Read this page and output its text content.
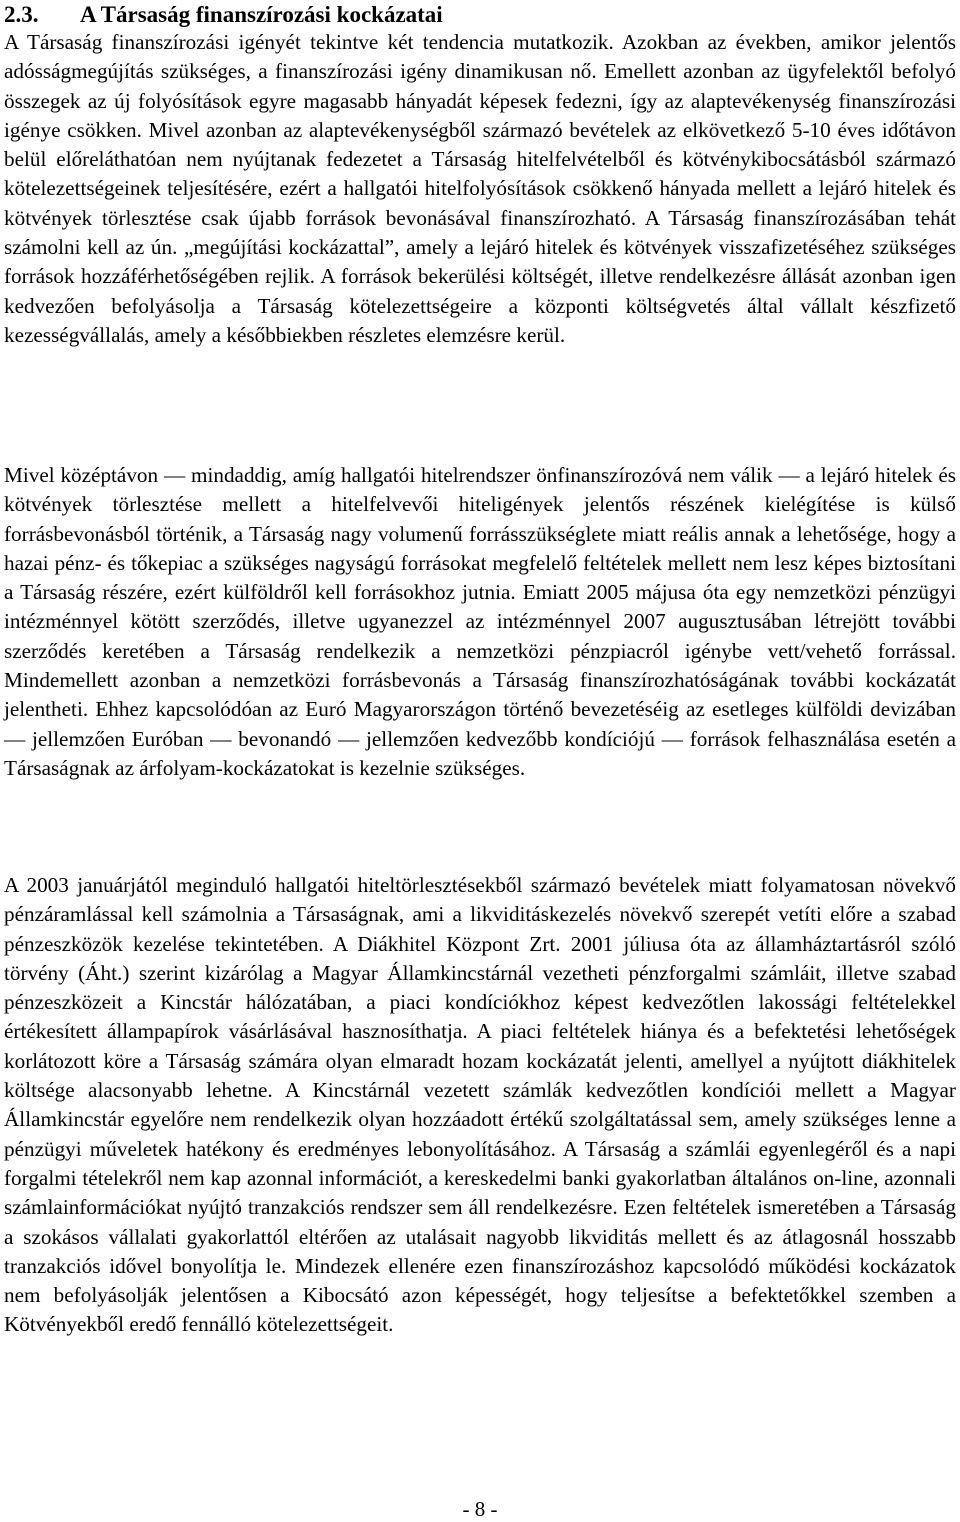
2.3. A Társaság finanszírozási kockázatai

A Társaság finanszírozási igényét tekintve két tendencia mutatkozik. Azokban az években, amikor jelentős adósságmegújítás szükséges, a finanszírozási igény dinamikusan nő. Emellett azonban az ügyfelektől befolyó összegek az új folyósítások egyre magasabb hányadát képesek fedezni, így az alaptevékenység finanszírozási igénye csökken. Mivel azonban az alaptevékenységből származó bevételek az elkövetkező 5-10 éves időtávon belül előreláthatóan nem nyújtanak fedezetet a Társaság hitelfelvételből és kötvénykibocsátásból származó kötelezettségeinek teljesítésére, ezért a hallgatói hitelfolyósítások csökkenő hányada mellett a lejáró hitelek és kötvények törlesztése csak újabb források bevonásával finanszírozható. A Társaság finanszírozásában tehát számolni kell az ún. „megújítási kockázattal”, amely a lejáró hitelek és kötvények visszafizetéséhez szükséges források hozzáférhetőségében rejlik. A források bekerülési költségét, illetve rendelkezésre állását azonban igen kedvezően befolyásolja a Társaság kötelezettségeire a központi költségvetés által vállalt készfizető kezességvállalás, amely a későbbiekben részletes elemzésre kerül.

Mivel középtávon — mindaddig, amíg hallgatói hitelrendszer önfinanszírozóvá nem válik — a lejáró hitelek és kötvények törlesztése mellett a hitelfelvevői hiteligények jelentős részének kielégítése is külső forrásbevonásból történik, a Társaság nagy volumenű forrásszükséglete miatt reális annak a lehetősége, hogy a hazai pénz- és tőkepiac a szükséges nagyságú forrásokat megfelelő feltételek mellett nem lesz képes biztosítani a Társaság részére, ezért külföldről kell forrásokhoz jutnia. Emiatt 2005 májusa óta egy nemzetközi pénzügyi intézménnyel kötött szerződés, illetve ugyanezzel az intézménnyel 2007 augusztusában létrejött további szerződés keretében a Társaság rendelkezik a nemzetközi pénzpiacról igénybe vett/vehető forrással. Mindemellett azonban a nemzetközi forrásbevonás a Társaság finanszírozhatóságának további kockázatát jelentheti. Ehhez kapcsolódóan az Euró Magyarországon történő bevezetéséig az esetleges külföldi devizában — jellemzően Euróban — bevonandó — jellemzően kedvezőbb kondíciójú — források felhasználása esetén a Társaságnak az árfolyam-kockázatokat is kezelnie szükséges.

A 2003 januárjától meginduló hallgatói hiteltörlesztésekből származó bevételek miatt folyamatosan növekvő pénzáramlással kell számolnia a Társaságnak, ami a likviditáskezelés növekvő szerepét vetíti előre a szabad pénzeszközök kezelése tekintetében. A Diákhitel Központ Zrt. 2001 júliusa óta az államháztartásról szóló törvény (Áht.) szerint kizárólag a Magyar Államkincstárnál vezetheti pénzforgalmi számláit, illetve szabad pénzeszközeit a Kincstár hálózatában, a piaci kondíciókhoz képest kedvezőtlen lakossági feltételekkel értékesített állampapírok vásárlásával hasznosíthatja. A piaci feltételek hiánya és a befektetési lehetőségek korlátozott köre a Társaság számára olyan elmaradt hozam kockázatát jelenti, amellyel a nyújtott diákhitelek költsége alacsonyabb lehetne. A Kincstárnál vezetett számlák kedvezőtlen kondíciói mellett a Magyar Államkincstár egyelőre nem rendelkezik olyan hozzáadott értékű szolgáltatással sem, amely szükséges lenne a pénzügyi műveletek hatékony és eredményes lebonyolításához. A Társaság a számlái egyenlegéről és a napi forgalmi tételekről nem kap azonnal információt, a kereskedelmi banki gyakorlatban általános on-line, azonnali számlainformációkat nyújtó tranzakciós rendszer sem áll rendelkezésre. Ezen feltételek ismeretében a Társaság a szokásos vállalati gyakorlattól eltérően az utalásait nagyobb likviditás mellett és az átlagosnál hosszabb tranzakciós idővel bonyolítja le. Mindezek ellenére ezen finanszírozáshoz kapcsolódó működési kockázatok nem befolyásolják jelentősen a Kibocsátó azon képességét, hogy teljesítse a befektetőkkel szemben a Kötvényekből eredő fennálló kötelezettségeit.

- 8 -
